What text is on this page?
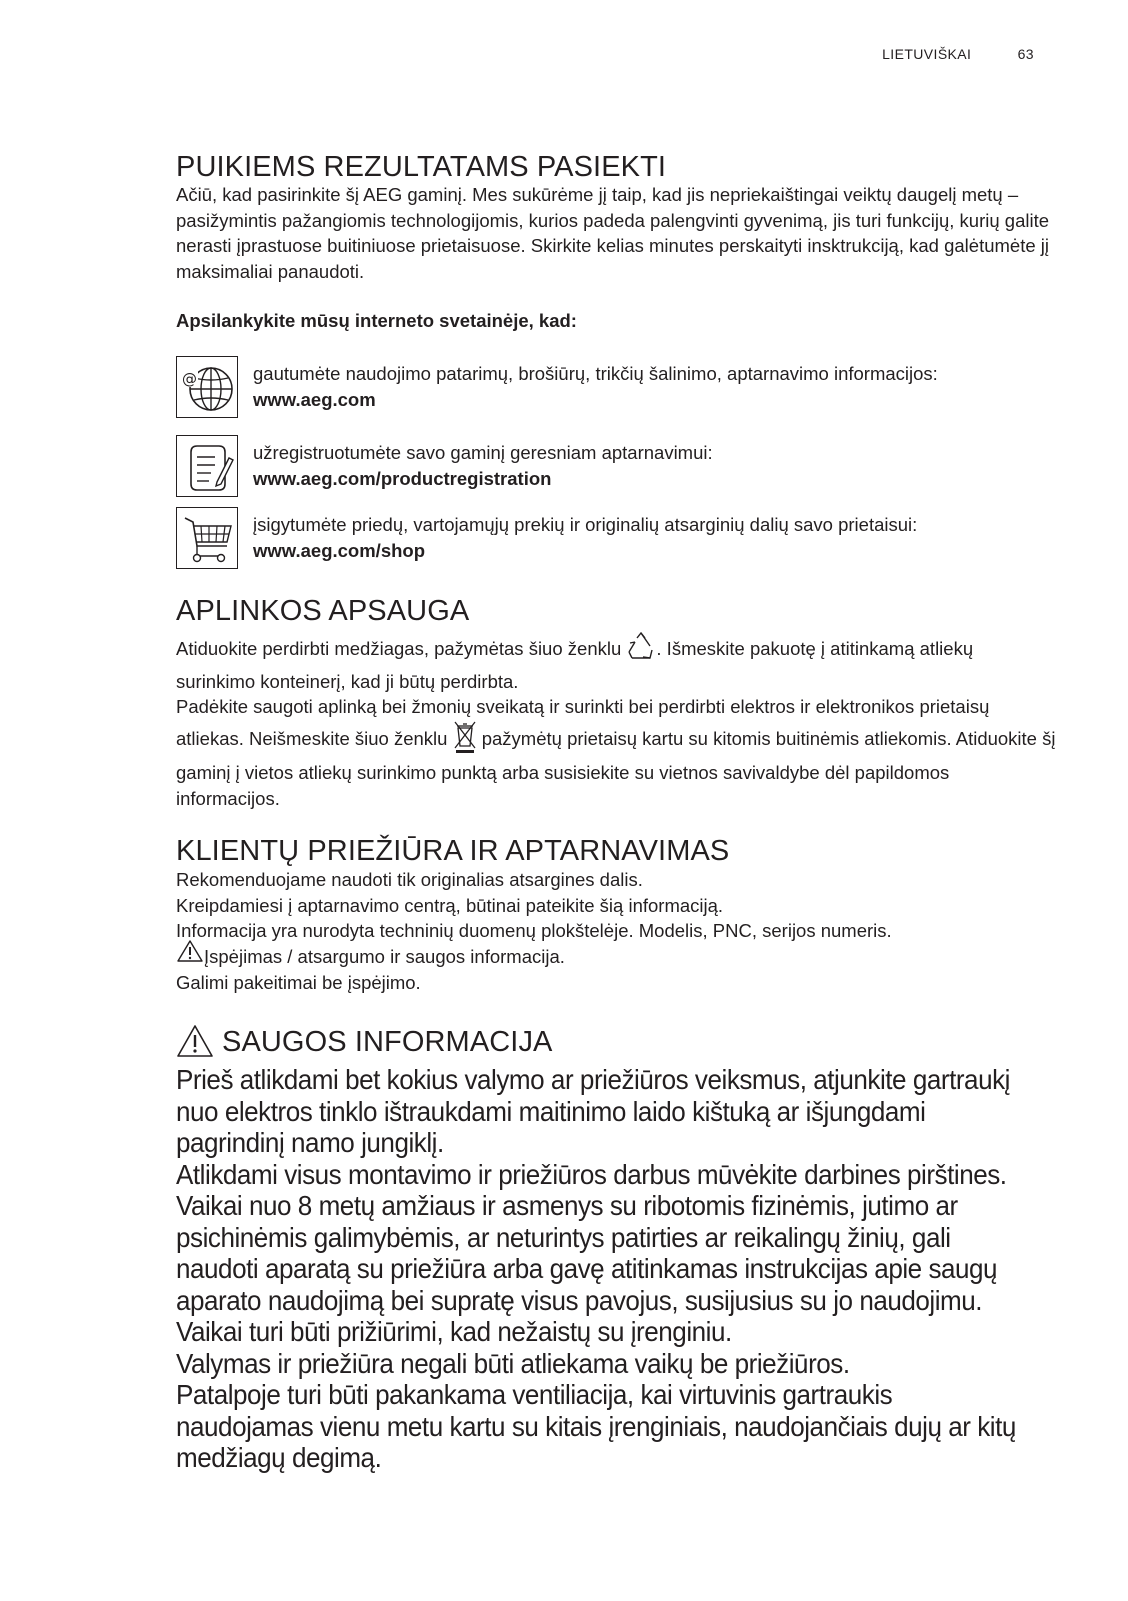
LIETUVIŠKAI	63
PUIKIEMS REZULTATAMS PASIEKTI

Ačiū, kad pasirinkite šį AEG gaminį. Mes sukūrėme jį taip, kad jis nepriekaištingai veiktų daugelį metų – pasižymintis pažangiomis technologijomis, kurios padeda palengvinti gyvenimą, jis turi funkcijų, kurių galite nerasti įprastuose buitiniuose prietaisuose. Skirkite kelias minutes perskaityti insktrukciją, kad galėtumėte jį maksimaliai panaudoti.

Apsilankykite mūsų interneto svetainėje, kad:

@	gautumėte naudojimo patarimų, brošiūrų, trikčių šalinimo, aptarnavimo informacijos:
www.aeg.com
užregistruotumėte savo gaminį geresniam aptarnavimui:
www.aeg.com/productregistration
įsigytumėte priedų, vartojamųjų prekių ir originalių atsarginių dalių savo prietaisui:
www.aeg.com/shop
APLINKOS APSAUGA

Atiduokite perdirbti medžiagas, pažymėtas šiuo ženklu . Išmeskite pakuotę į atitinkamą atliekų surinkimo konteinerį, kad ji būtų perdirbta.

Padėkite saugoti aplinką bei žmonių sveikatą ir surinkti bei perdirbti elektros ir elektronikos prietaisų atliekas. Neišmeskite šiuo ženklu pažymėtų prietaisų kartu su kitomis buitinėmis atliekomis. Atiduokite šį gaminį į vietos atliekų surinkimo punktą arba susisiekite su vietnos savivaldybe dėl papildomos informacijos.

KLIENTŲ PRIEŽIŪRA IR APTARNAVIMAS

Rekomenduojame naudoti tik originalias atsargines dalis.

Kreipdamiesi į aptarnavimo centrą, būtinai pateikite šią informaciją.

Informacija yra nurodyta techninių duomenų plokštelėje. Modelis, PNC, serijos numeris.

Įspėjimas / atsargumo ir saugos informacija.

Galimi pakeitimai be įspėjimo.

SAUGOS INFORMACIJA

Prieš atlikdami bet kokius valymo ar priežiūros veiksmus, atjunkite gartraukį nuo elektros tinklo ištraukdami maitinimo laido kištuką ar išjungdami pagrindinį namo jungiklį.

Atlikdami visus montavimo ir priežiūros darbus mūvėkite darbines pirštines.

Vaikai nuo 8 metų amžiaus ir asmenys su ribotomis fizinėmis, jutimo ar psichinėmis galimybėmis, ar neturintys patirties ar reikalingų žinių, gali naudoti aparatą su priežiūra arba gavę atitinkamas instrukcijas apie saugų aparato naudojimą bei supratę visus pavojus, susijusius su jo naudojimu.

Vaikai turi būti prižiūrimi, kad nežaistų su įrenginiu.

Valymas ir priežiūra negali būti atliekama vaikų be priežiūros.

Patalpoje turi būti pakankama ventiliacija, kai virtuvinis gartraukis naudojamas vienu metu kartu su kitais įrenginiais, naudojančiais dujų ar kitų medžiagų degimą.
